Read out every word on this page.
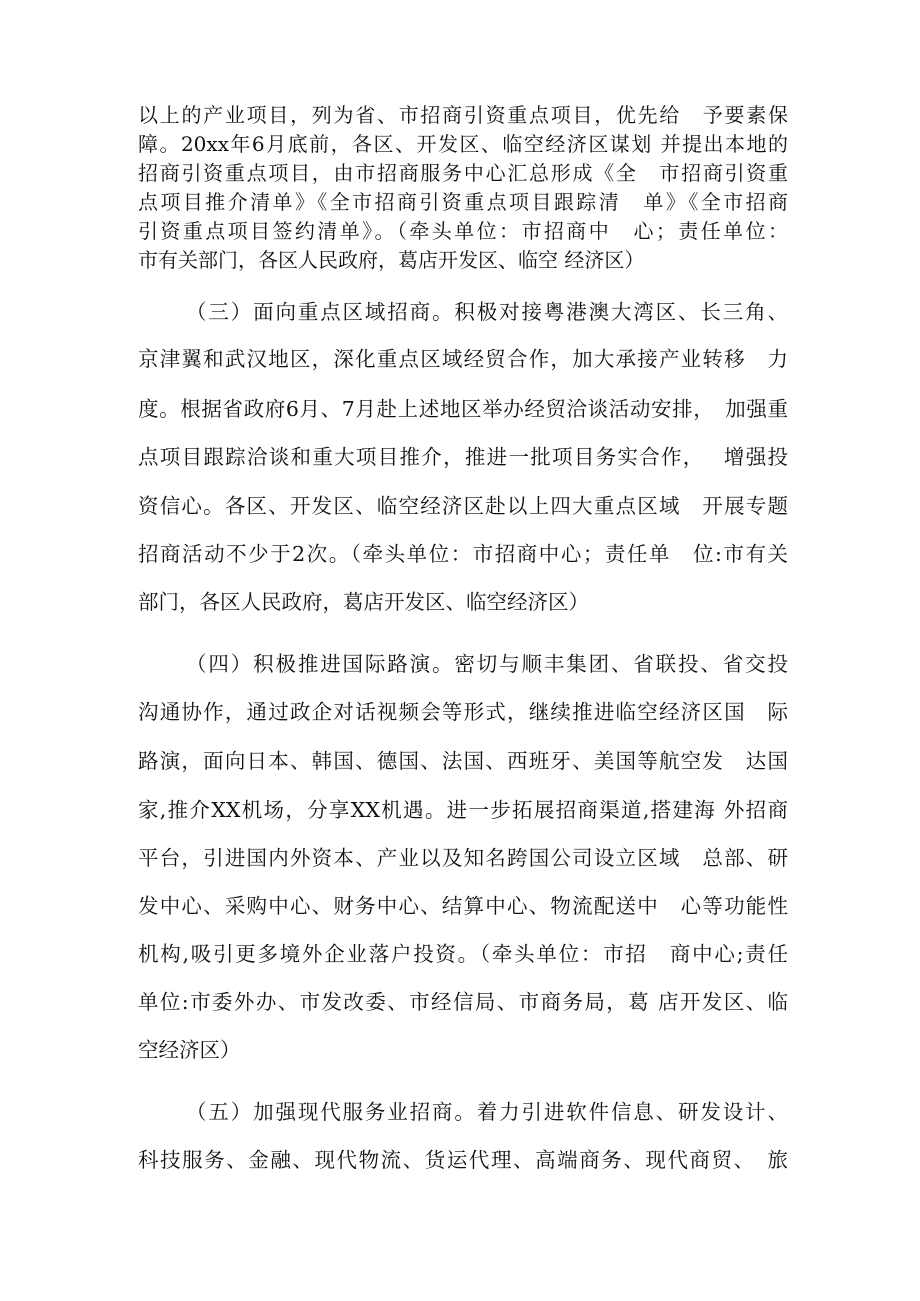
以上的产业项目，列为省、市招商引资重点项目，优先给　予要素保
障。20xx年6月底前，各区、开发区、临空经济区谋划 并提出本地的
招商引资重点项目，由市招商服务中心汇总形成《全　市招商引资重
点项目推介清单》《全市招商引资重点项目跟踪清　单》《全市招商
引资重点项目签约清单》。（牵头单位：市招商中　心；责任单位：
市有关部门，各区人民政府，葛店开发区、临空 经济区）
（三）面向重点区域招商。积极对接粤港澳大湾区、长三角、
京津翼和武汉地区，深化重点区域经贸合作，加大承接产业转移　力
度。根据省政府6月、7月赴上述地区举办经贸洽谈活动安排，　加强重
点项目跟踪洽谈和重大项目推介，推进一批项目务实合作，　 增强投
资信心。各区、开发区、临空经济区赴以上四大重点区域　开展专题
招商活动不少于2次。（牵头单位：市招商中心；责任单　位:市有关
部门，各区人民政府，葛店开发区、临空经济区）
（四）积极推进国际路演。密切与顺丰集团、省联投、省交投
沟通协作，通过政企对话视频会等形式，继续推进临空经济区国　际
路演，面向日本、韩国、德国、法国、西班牙、美国等航空发　达国
家,推介XX机场，分享XX机遇。进一步拓展招商渠道,搭建海 外招商
平台，引进国内外资本、产业以及知名跨国公司设立区域　总部、研
发中心、采购中心、财务中心、结算中心、物流配送中　心等功能性
机构,吸引更多境外企业落户投资。（牵头单位：市招　商中心;责任
单位:市委外办、市发改委、市经信局、市商务局，葛 店开发区、临
空经济区）
（五）加强现代服务业招商。着力引进软件信息、研发设计、
科技服务、金融、现代物流、货运代理、高端商务、现代商贸、　旅
